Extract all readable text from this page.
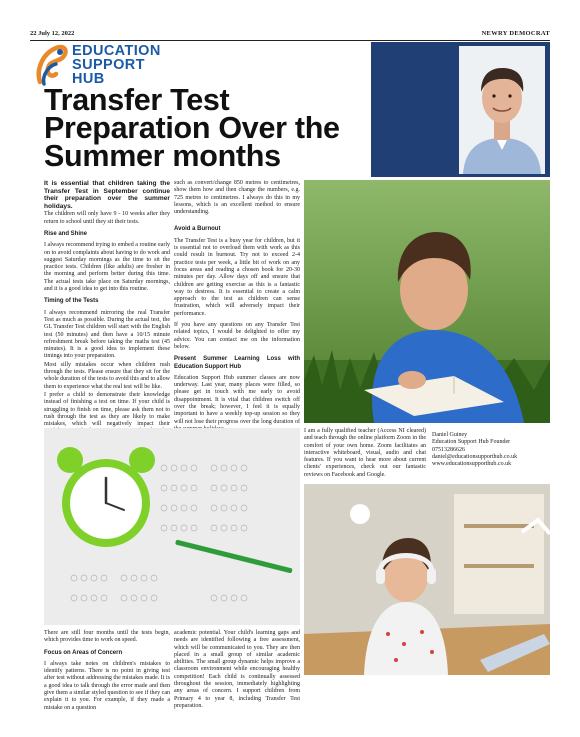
22 July 12, 2022	NEWRY DEMOCRAT
EDUCATION
SUPPORT
HUB
Transfer Test Preparation Over the Summer months

It is essential that children taking the Transfer Test in September continue their preparation over the summer holidays.

The children will only have 9 - 10 weeks after they return to school until they sit their tests.

Rise and Shine

I always recommend trying to embed a routine early on to avoid complaints about having to do work and suggest Saturday mornings as the time to sit the practice tests. Children (like adults) are fresher in the morning and perform better during this time. The actual tests take place on Saturday mornings, and it is a good idea to get into this routine.

Timing of the Tests

I always recommend mirroring the real Transfer Test as much as possible. During the actual test, the GL Transfer Test children will start with the English test (50 minutes) and then have a 10/15 minute refreshment break before taking the maths test (45 minutes). It is a good idea to implement these timings into your preparation.

Most silly mistakes occur when children rush through the tests. Please ensure that they sit for the whole duration of the tests to avoid this and to allow them to experience what the real test will be like.

I prefer a child to demonstrate their knowledge instead of finishing a test on time. If your child is struggling to finish on time, please ask them not to rush through the test as they are likely to make mistakes, which will negatively impact their

such as convert/change 850 metres to centimetres, show them how and then change the numbers, e.g. 725 metres to centimetres. I always do this in my lessons, which is an excellent method to ensure understanding.

Avoid a Burnout

The Transfer Test is a busy year for children, but it is essential not to overload them with work as this could result in burnout. Try not to exceed 2-4 practice tests per week, a little bit of work on any focus areas and reading a chosen book for 20-30 minutes per day. Allow days off and ensure that children are getting exercise as this is a fantastic way to destress. It is essential to create a calm approach to the test as children can sense frustration, which will adversely impact their performance.

If you have any questions on any Transfer Test related topics, I would be delighted to offer my advice. You can contact me on the information below.

Present Summer Learning Loss with Education Support Hub

Education Support Hub summer classes are now underway. Last year, many places were filled, so please get in touch with me early to avoid disappointment. It is vital that children switch off over the break; however, I feel it is equally important to have a weekly top-up session so they will not lose their progress over the long duration of

I am a fully qualified teacher (Access NI cleared) and teach through the online platform Zoom in the comfort of your own home. Zoom facilitates an interactive whiteboard, visual, audio and chat features. If you want to hear more about current clients' experiences, check out our fantastic reviews on Facebook and Google.

Daniel Guiney
Education Support Hub Founder
07513286626
daniel@educationsupporthub.co.uk
www.educationsupporthub.co.uk

There are still four months until the tests begin, which provides time to work on speed.

Focus on Areas of Concern

I always take notes on children's mistakes to identify patterns. There is no point in giving test after test without addressing the mistakes made. It is a good idea to talk through the error made and then give them a similar styled question to see if they can explain it to you. For example, if they made a mistake on a question

academic potential. Your child's learning gaps and needs are identified following a free assessment, which will be communicated to you. They are then placed in a small group of similar academic abilities. The small group dynamic helps improve a classroom environment while encouraging healthy competition! Each child is continually assessed throughout the session, immediately highlighting any areas of concern. I support children from Primary 4 to year 8, including Transfer Test preparation.
